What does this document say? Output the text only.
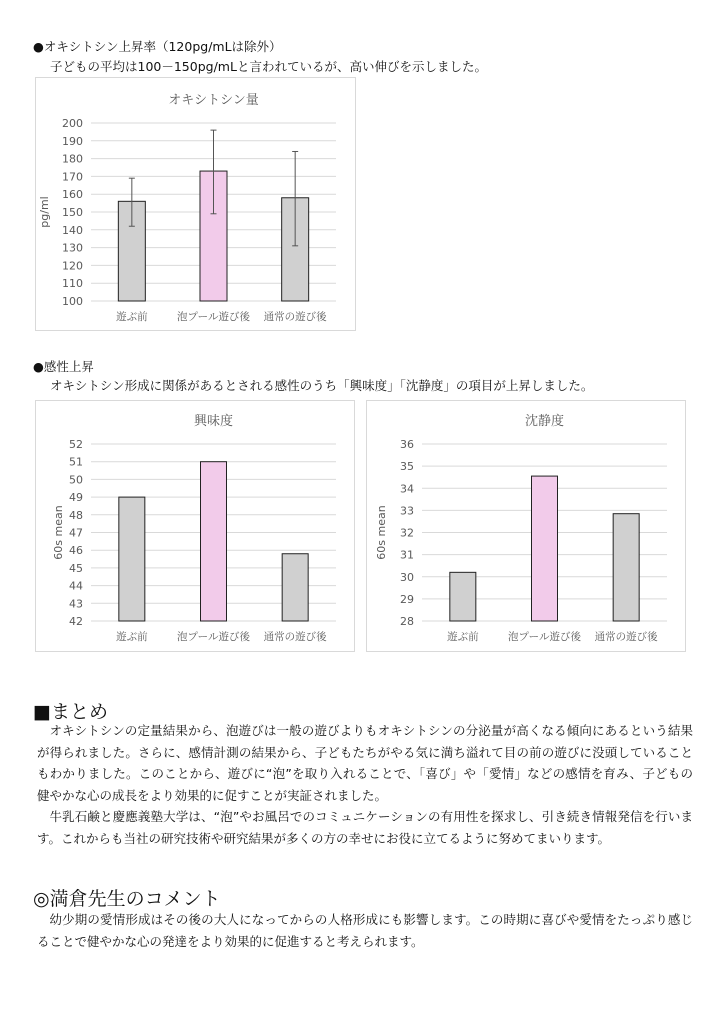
●オキシトシン上昇率（120pg/mLは除外）
子どもの平均は100－150pg/mLと言われているが、高い伸びを示しました。
オキシトシン量
100
110
120
130
140
150
160
170
180
190
200
pg/ml
遊ぶ前	泡プール遊び後 通常の遊び後
●感性上昇
オキシトシン形成に関係があるとされる感性のうち「興味度」「沈静度」の項目が上昇しました。
興味度
42
43
44
45
46
47
48
49
50
51
52
60s mean
遊ぶ前	泡プール遊び後 通常の遊び後
沈静度
28
29
30
31
32
33
34
35
36
60s mean
遊ぶ前	泡プール遊び後 通常の遊び後
■まとめ

オキシトシンの定量結果から、泡遊びは一般の遊びよりもオキシトシンの分泌量が高くなる傾向にあるという結果が得られました。さらに、感情計測の結果から、子どもたちがやる気に満ち溢れて目の前の遊びに没頭していることもわかりました。このことから、遊びに“泡”を取り入れることで、「喜び」や「愛情」などの感情を育み、子どもの健やかな心の成長をより効果的に促すことが実証されました。

牛乳石鹸と慶應義塾大学は、“泡”やお風呂でのコミュニケーションの有用性を探求し、引き続き情報発信を行います。これからも当社の研究技術や研究結果が多くの方の幸せにお役に立てるように努めてまいります。

◎満倉先生のコメント

幼少期の愛情形成はその後の大人になってからの人格形成にも影響します。この時期に喜びや愛情をたっぷり感じることで健やかな心の発達をより効果的に促進すると考えられます。
